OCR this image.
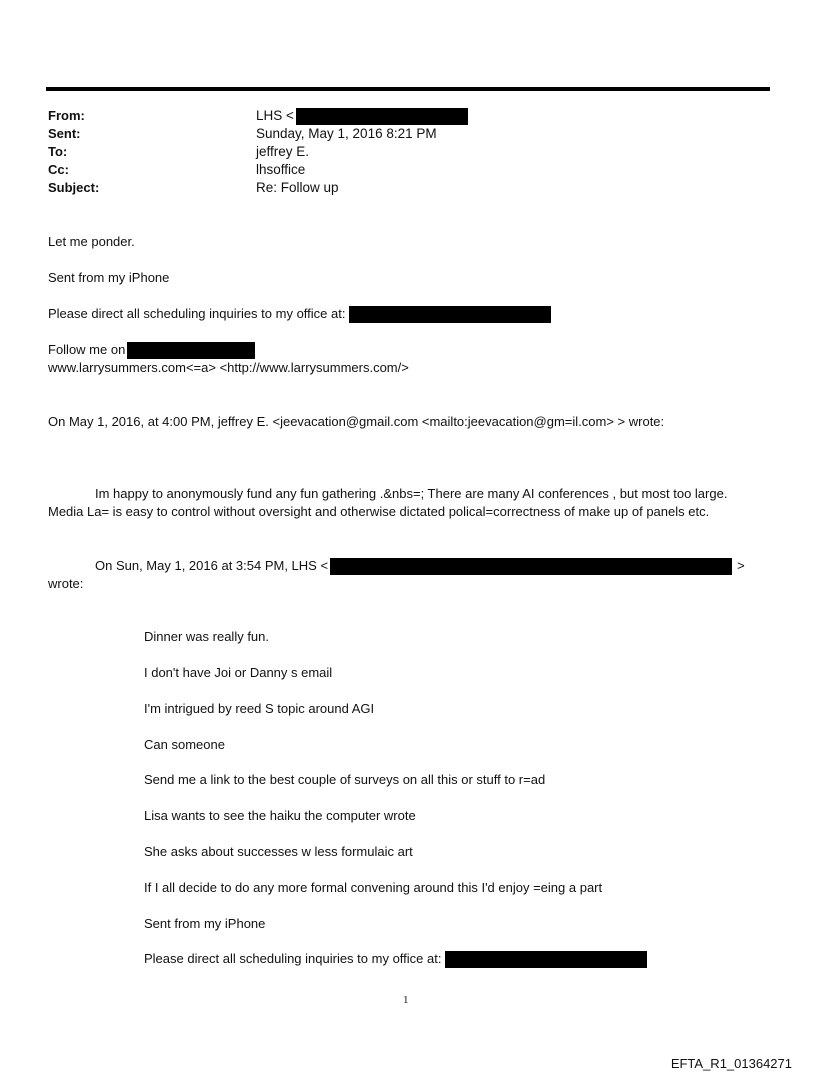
From:
Sent:
To:
Cc:
Subject:
LHS <
Sunday, May 1, 2016 8:21 PM
jeffrey E.
lhsoffice
Re: Follow up
Let me ponder.
Sent from my iPhone
Please direct all scheduling inquiries to my office at:
Follow me on
www.larrysummers.com<=a> <http://www.larrysummers.com/>
On May 1, 2016, at 4:00 PM, jeffrey E. <jeevacation@gmail.com <mailto:jeevacation@gm=il.com> > wrote:
Im happy to anonymously fund any fun gathering .&nbs=; There are many AI conferences , but most too large.
Media La= is easy to control without oversight and otherwise dictated polical=correctness of make up of panels etc.
On Sun, May 1, 2016 at 3:54 PM, LHS <	>
wrote:
Dinner was really fun.
I don't have Joi or Danny s email
I'm intrigued by reed S topic around AGI
Can someone
Send me a link to the best couple of surveys on all this or stuff to r=ad
Lisa wants to see the haiku the computer wrote
She asks about successes w less formulaic art
If I all decide to do any more formal convening around this I'd enjoy =eing a part
Sent from my iPhone
Please direct all scheduling inquiries to my office at:
1
EFTA_R1_01364271
